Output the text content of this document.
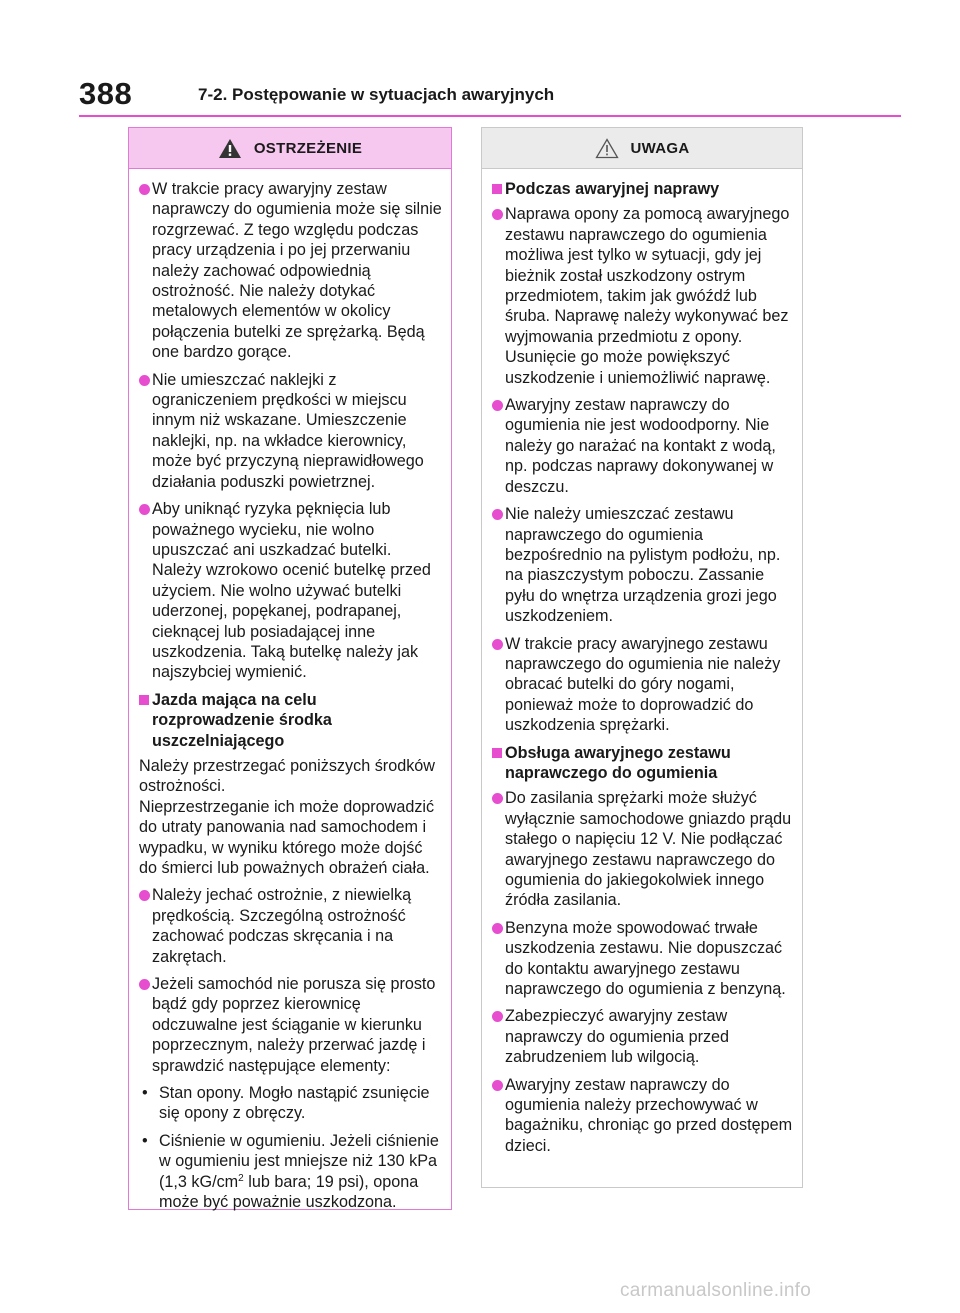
388	7-2. Postępowanie w sytuacjach awaryjnych
OSTRZEŻENIE

W trakcie pracy awaryjny zestaw naprawczy do ogumienia może się silnie rozgrzewać. Z tego względu podczas pracy urządzenia i po jej przerwaniu należy zachować odpowiednią ostrożność. Nie należy dotykać metalowych elementów w okolicy połączenia butelki ze sprężarką. Będą one bardzo gorące.

Nie umieszczać naklejki z ograniczeniem prędkości w miejscu innym niż wskazane. Umieszczenie naklejki, np. na wkładce kierownicy, może być przyczyną nieprawidłowego działania poduszki powietrznej.

Aby uniknąć ryzyka pęknięcia lub poważnego wycieku, nie wolno upuszczać ani uszkadzać butelki. Należy wzrokowo ocenić butelkę przed użyciem. Nie wolno używać butelki uderzonej, popękanej, podrapanej, cieknącej lub posiadającej inne uszkodzenia. Taką butelkę należy jak najszybciej wymienić.

Jazda mająca na celu rozprowadzenie środka uszczelniającego

Należy przestrzegać poniższych środków ostrożności.

Nieprzestrzeganie ich może doprowadzić do utraty panowania nad samochodem i wypadku, w wyniku którego może dojść do śmierci lub poważnych obrażeń ciała.

Należy jechać ostrożnie, z niewielką prędkością. Szczególną ostrożność zachować podczas skręcania i na zakrętach.

Jeżeli samochód nie porusza się prosto bądź gdy poprzez kierownicę odczuwalne jest ściąganie w kierunku poprzecznym, należy przerwać jazdę i sprawdzić następujące elementy:

• Stan opony. Mogło nastąpić zsunięcie się opony z obręczy.

• Ciśnienie w ogumieniu. Jeżeli ciśnienie w ogumieniu jest mniejsze niż 130 kPa (1,3 $kG/cm^2$ lub bara; 19 psi), opona może być poważnie uszkodzona.

UWAGA

Podczas awaryjnej naprawy

Naprawa opony za pomocą awaryjnego zestawu naprawczego do ogumienia możliwa jest tylko w sytuacji, gdy jej bieżnik został uszkodzony ostrym przedmiotem, takim jak gwóźdź lub śruba. Naprawę należy wykonywać bez wyjmowania przedmiotu z opony. Usunięcie go może powiększyć uszkodzenie i uniemożliwić naprawę.

Awaryjny zestaw naprawczy do ogumienia nie jest wodoodporny. Nie należy go narażać na kontakt z wodą, np. podczas naprawy dokonywanej w deszczu.

Nie należy umieszczać zestawu naprawczego do ogumienia bezpośrednio na pylistym podłożu, np. na piaszczystym poboczu. Zassanie pyłu do wnętrza urządzenia grozi jego uszkodzeniem.

W trakcie pracy awaryjnego zestawu naprawczego do ogumienia nie należy obracać butelki do góry nogami, ponieważ może to doprowadzić do uszkodzenia sprężarki.

Obsługa awaryjnego zestawu naprawczego do ogumienia

Do zasilania sprężarki może służyć wyłącznie samochodowe gniazdo prądu stałego o napięciu 12 V. Nie podłączać awaryjnego zestawu naprawczego do ogumienia do jakiegokolwiek innego źródła zasilania.

Benzyna może spowodować trwałe uszkodzenia zestawu. Nie dopuszczać do kontaktu awaryjnego zestawu naprawczego do ogumienia z benzyną.

Zabezpieczyć awaryjny zestaw naprawczy do ogumienia przed zabrudzeniem lub wilgocią.

Awaryjny zestaw naprawczy do ogumienia należy przechowywać w bagażniku, chroniąc go przed dostępem dzieci.

carmanualsonline.info
